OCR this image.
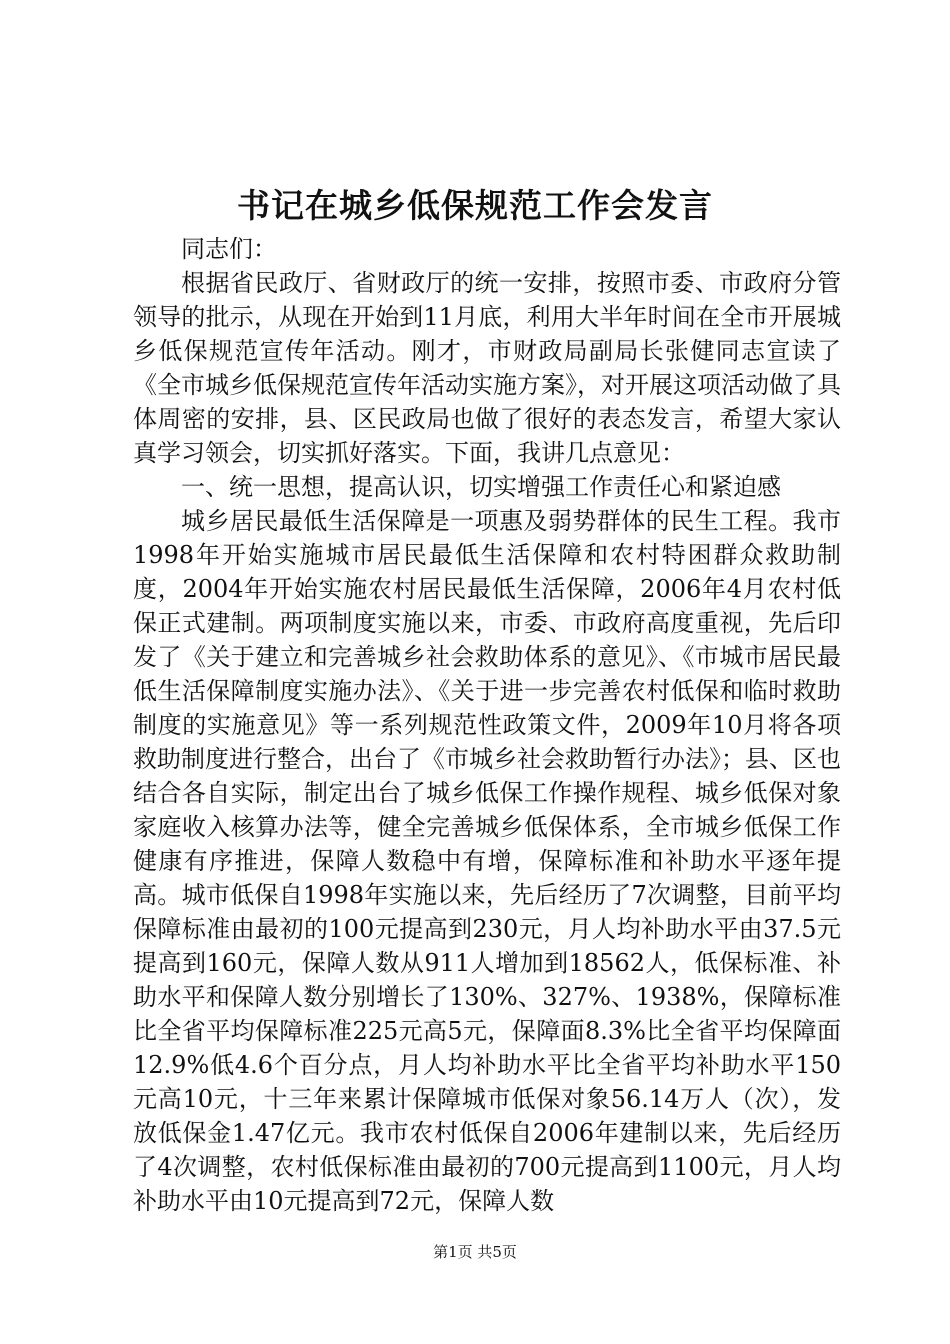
书记在城乡低保规范工作会发言

同志们：

根据省民政厅、省财政厅的统一安排，按照市委、市政府分管领导的批示，从现在开始到11月底，利用大半年时间在全市开展城乡低保规范宣传年活动。刚才，市财政局副局长张健同志宣读了《全市城乡低保规范宣传年活动实施方案》，对开展这项活动做了具体周密的安排，县、区民政局也做了很好的表态发言，希望大家认真学习领会，切实抓好落实。下面，我讲几点意见：

一、统一思想，提高认识，切实增强工作责任心和紧迫感

城乡居民最低生活保障是一项惠及弱势群体的民生工程。我市1998年开始实施城市居民最低生活保障和农村特困群众救助制度，2004年开始实施农村居民最低生活保障，2006年4月农村低保正式建制。两项制度实施以来，市委、市政府高度重视，先后印发了《关于建立和完善城乡社会救助体系的意见》、《市城市居民最低生活保障制度实施办法》、《关于进一步完善农村低保和临时救助制度的实施意见》等一系列规范性政策文件，2009年10月将各项救助制度进行整合，出台了《市城乡社会救助暂行办法》；县、区也结合各自实际，制定出台了城乡低保工作操作规程、城乡低保对象家庭收入核算办法等，健全完善城乡低保体系，全市城乡低保工作健康有序推进，保障人数稳中有增，保障标准和补助水平逐年提高。城市低保自1998年实施以来，先后经历了7次调整，目前平均保障标准由最初的100元提高到230元，月人均补助水平由37.5元提高到160元，保障人数从911人增加到18562人，低保标准、补助水平和保障人数分别增长了130%、327%、1938%，保障标准比全省平均保障标准225元高5元，保障面8.3%比全省平均保障面12.9%低4.6个百分点，月人均补助水平比全省平均补助水平150元高10元，十三年来累计保障城市低保对象56.14万人（次），发放低保金1.47亿元。我市农村低保自2006年建制以来，先后经历了4次调整，农村低保标准由最初的700元提高到1100元，月人均补助水平由10元提高到72元，保障人数

第1页 共5页
